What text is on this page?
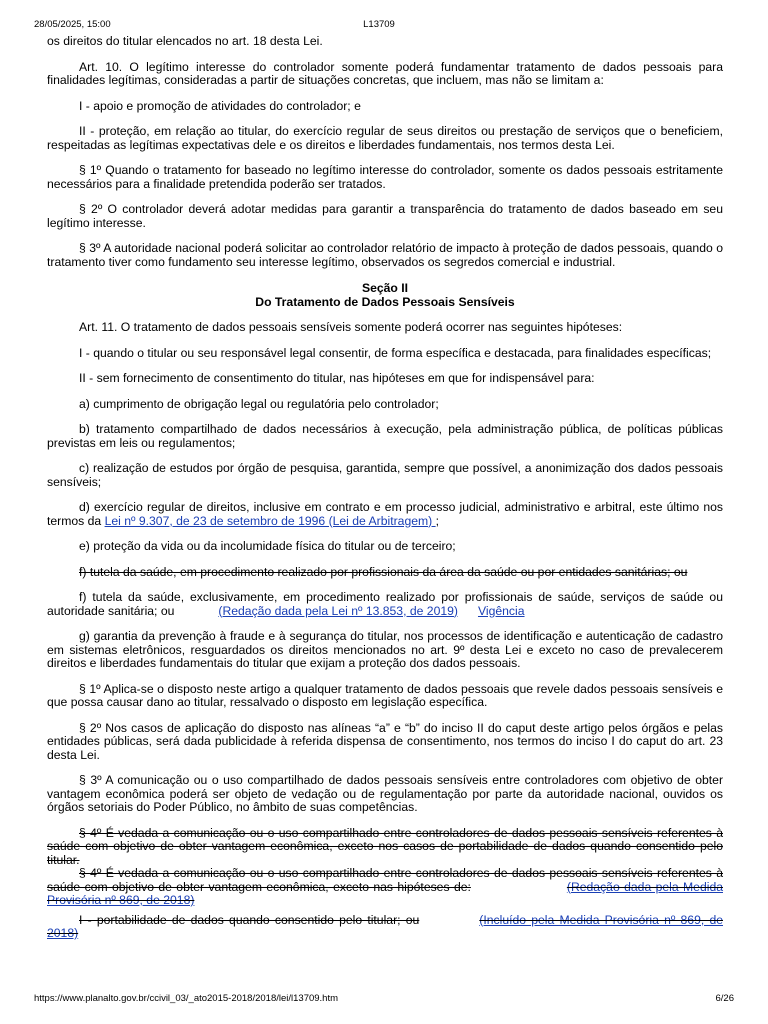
28/05/2025, 15:00	L13709

os direitos do titular elencados no art. 18 desta Lei.

Art. 10. O legítimo interesse do controlador somente poderá fundamentar tratamento de dados pessoais para finalidades legítimas, consideradas a partir de situações concretas, que incluem, mas não se limitam a:

I - apoio e promoção de atividades do controlador; e

II - proteção, em relação ao titular, do exercício regular de seus direitos ou prestação de serviços que o beneficiem, respeitadas as legítimas expectativas dele e os direitos e liberdades fundamentais, nos termos desta Lei.

§ 1º Quando o tratamento for baseado no legítimo interesse do controlador, somente os dados pessoais estritamente necessários para a finalidade pretendida poderão ser tratados.

§ 2º O controlador deverá adotar medidas para garantir a transparência do tratamento de dados baseado em seu legítimo interesse.

§ 3º A autoridade nacional poderá solicitar ao controlador relatório de impacto à proteção de dados pessoais, quando o tratamento tiver como fundamento seu interesse legítimo, observados os segredos comercial e industrial.

Seção II
Do Tratamento de Dados Pessoais Sensíveis

Art. 11. O tratamento de dados pessoais sensíveis somente poderá ocorrer nas seguintes hipóteses:

I - quando o titular ou seu responsável legal consentir, de forma específica e destacada, para finalidades específicas;

II - sem fornecimento de consentimento do titular, nas hipóteses em que for indispensável para:

a) cumprimento de obrigação legal ou regulatória pelo controlador;

b) tratamento compartilhado de dados necessários à execução, pela administração pública, de políticas públicas previstas em leis ou regulamentos;

c) realização de estudos por órgão de pesquisa, garantida, sempre que possível, a anonimização dos dados pessoais sensíveis;

d) exercício regular de direitos, inclusive em contrato e em processo judicial, administrativo e arbitral, este último nos termos da Lei nº 9.307, de 23 de setembro de 1996 (Lei de Arbitragem) ;

e) proteção da vida ou da incolumidade física do titular ou de terceiro;

f) tutela da saúde, em procedimento realizado por profissionais da área da saúde ou por entidades sanitárias; ou

f) tutela da saúde, exclusivamente, em procedimento realizado por profissionais de saúde, serviços de saúde ou autoridade sanitária; ou	(Redação dada pela Lei nº 13.853, de 2019) Vigência

g) garantia da prevenção à fraude e à segurança do titular, nos processos de identificação e autenticação de cadastro em sistemas eletrônicos, resguardados os direitos mencionados no art. 9º desta Lei e exceto no caso de prevalecerem direitos e liberdades fundamentais do titular que exijam a proteção dos dados pessoais.

§ 1º Aplica-se o disposto neste artigo a qualquer tratamento de dados pessoais que revele dados pessoais sensíveis e que possa causar dano ao titular, ressalvado o disposto em legislação específica.

§ 2º Nos casos de aplicação do disposto nas alíneas “a” e “b” do inciso II do caput deste artigo pelos órgãos e pelas entidades públicas, será dada publicidade à referida dispensa de consentimento, nos termos do inciso I do caput do art. 23 desta Lei.

§ 3º A comunicação ou o uso compartilhado de dados pessoais sensíveis entre controladores com objetivo de obter vantagem econômica poderá ser objeto de vedação ou de regulamentação por parte da autoridade nacional, ouvidos os órgãos setoriais do Poder Público, no âmbito de suas competências.

§ 4º É vedada a comunicação ou o uso compartilhado entre controladores de dados pessoais sensíveis referentes à saúde com objetivo de obter vantagem econômica, exceto nos casos de portabilidade de dados quando consentido pelo titular.

§ 4º É vedada a comunicação ou o uso compartilhado entre controladores de dados pessoais sensíveis referentes à saúde com objetivo de obter vantagem econômica, exceto nas hipóteses de:	(Redação dada pela Medida Provisória nº 869, de 2018)

I - portabilidade de dados quando consentido pelo titular; ou	(Incluído pela Medida Provisória nº 869, de 2018)

https://www.planalto.gov.br/ccivil_03/_ato2015-2018/2018/lei/l13709.htm	6/26
